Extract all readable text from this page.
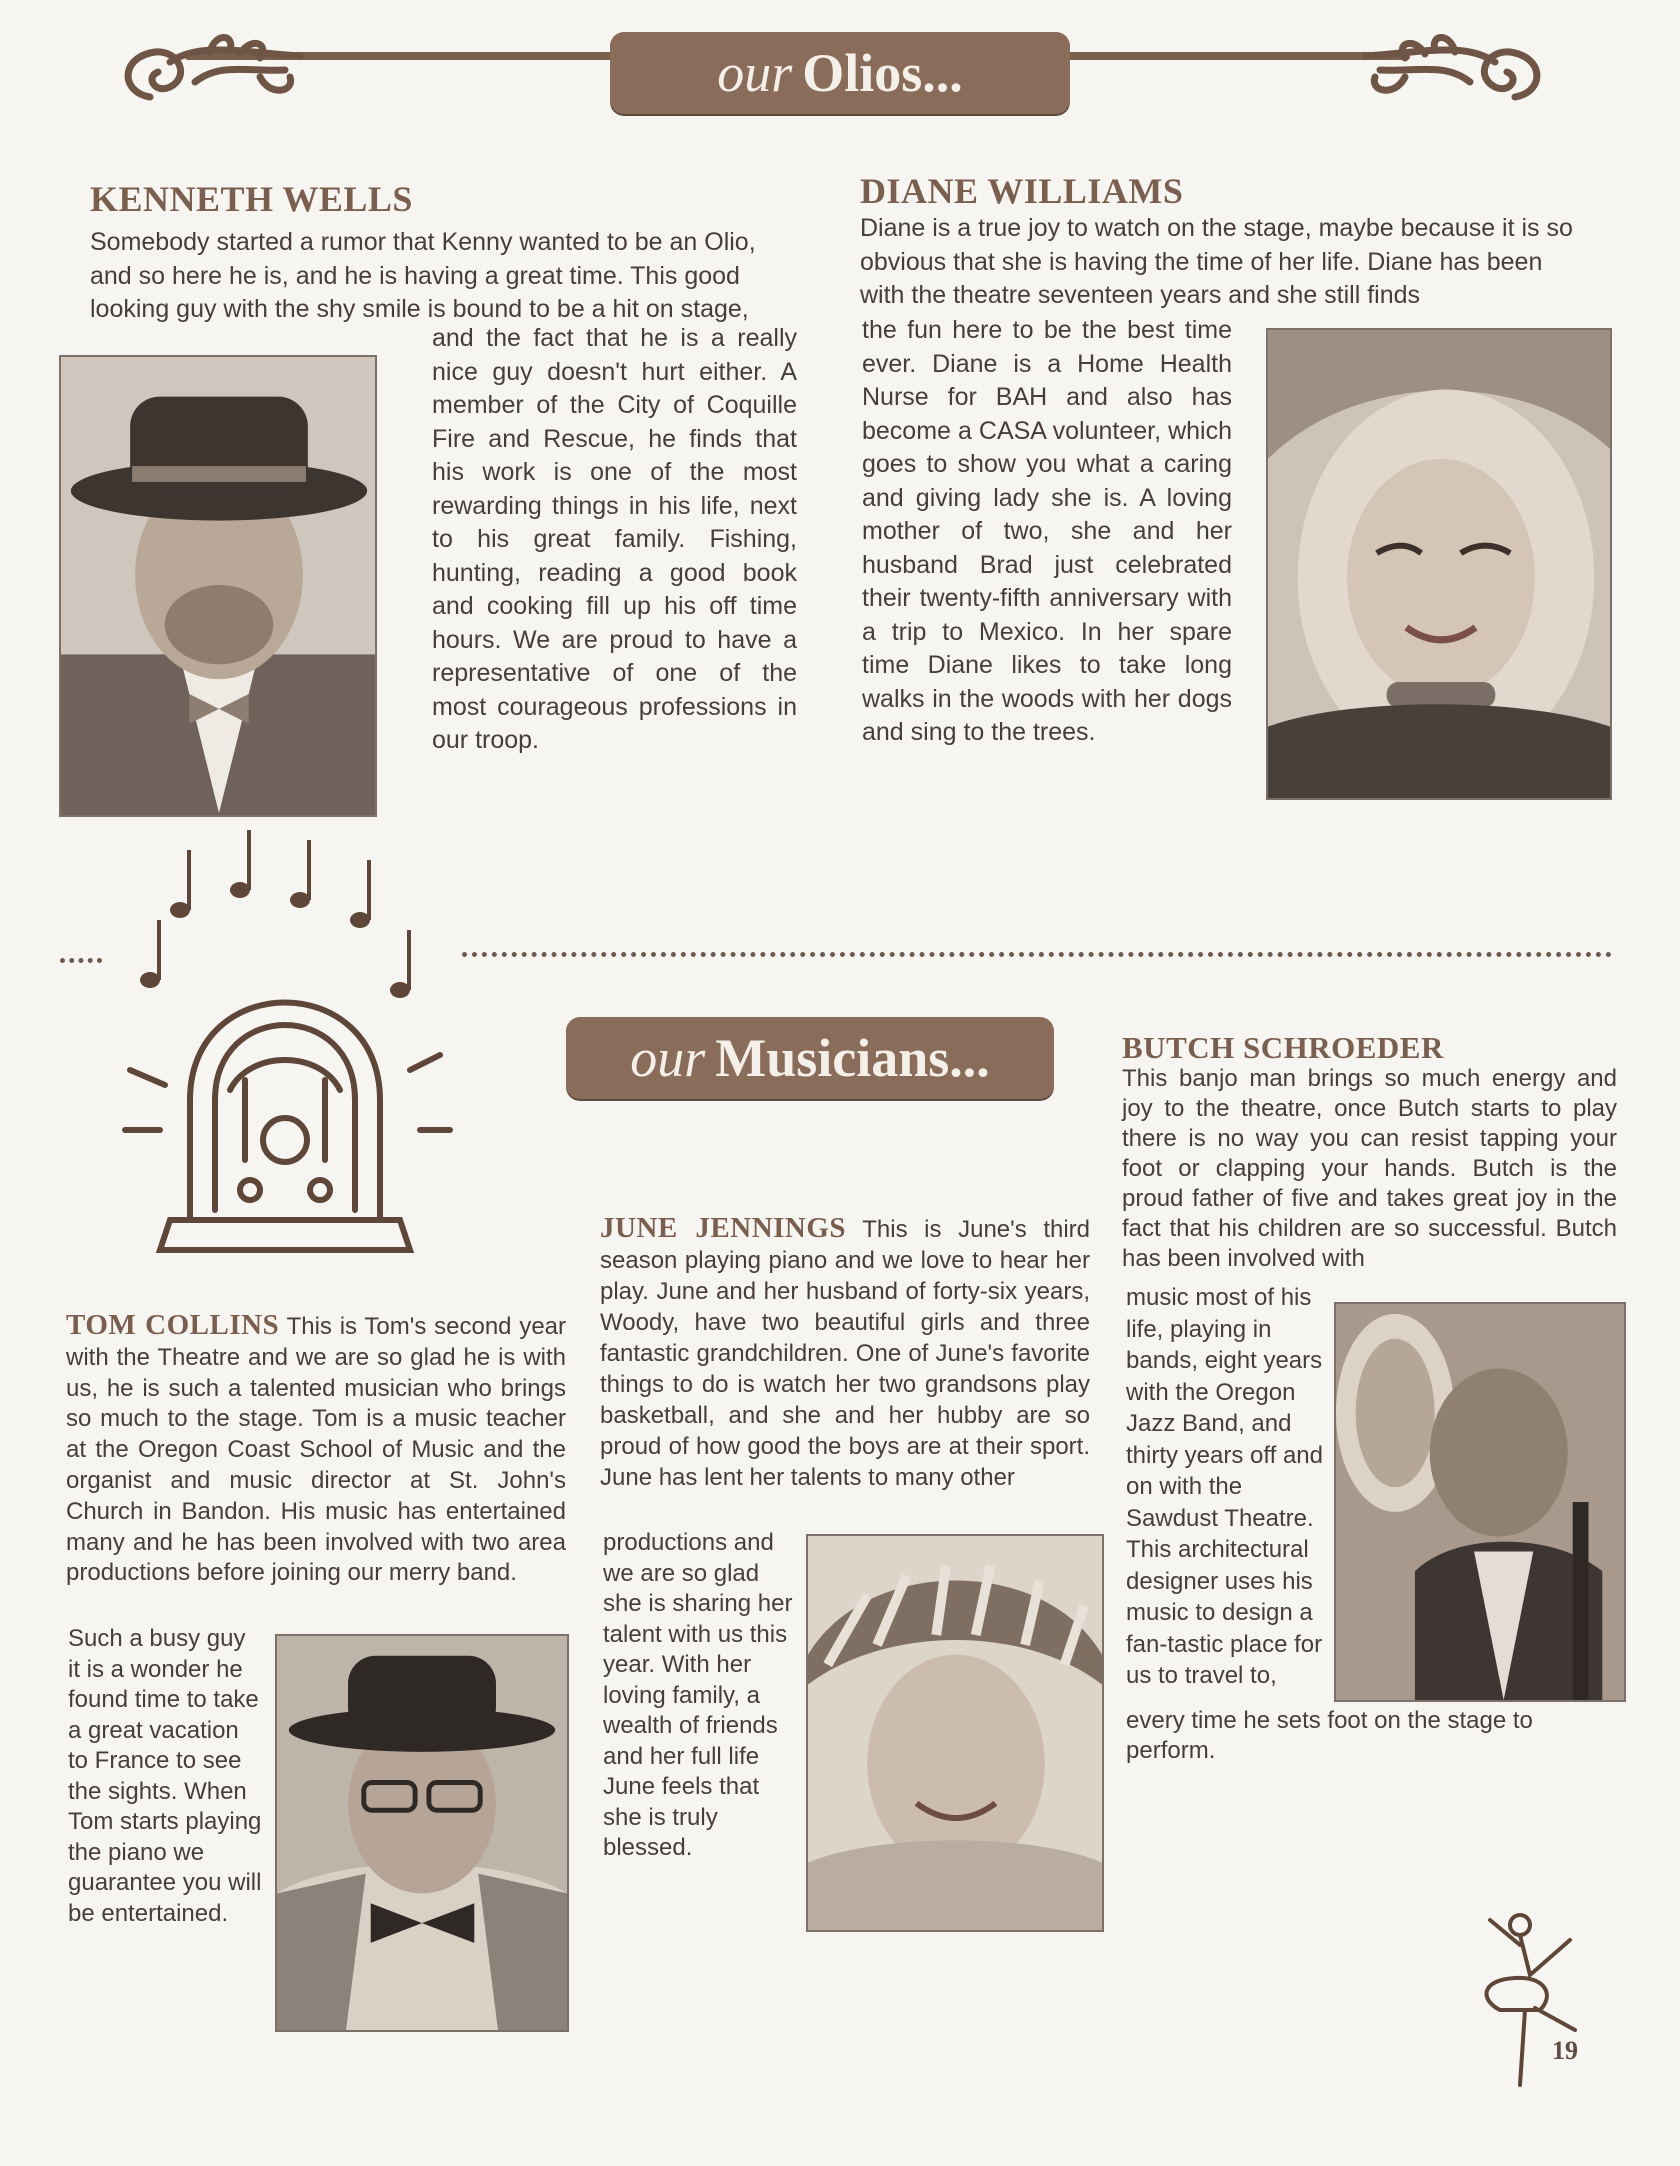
our Olios...
KENNETH WELLS

Somebody started a rumor that Kenny wanted to be an Olio, and so here he is, and he is having a great time. This good looking guy with the shy smile is bound to be a hit on stage,

and the fact that he is a really nice guy doesn't hurt either. A member of the City of Coquille Fire and Rescue, he finds that his work is one of the most rewarding things in his life, next to his great family. Fishing, hunting, reading a good book and cooking fill up his off time hours. We are proud to have a representative of one of the most courageous professions in our troop.

DIANE WILLIAMS

Diane is a true joy to watch on the stage, maybe because it is so obvious that she is having the time of her life. Diane has been with the theatre seventeen years and she still finds

the fun here to be the best time ever. Diane is a Home Health Nurse for BAH and also has become a CASA volunteer, which goes to show you what a caring and giving lady she is. A loving mother of two, she and her husband Brad just celebrated their twenty-fifth anniversary with a trip to Mexico. In her spare time Diane likes to take long walks in the woods with her dogs and sing to the trees.

our Musicians...	BUTCH SCHROEDER

This banjo man brings so much energy and joy to the theatre, once Butch starts to play there is no way you can resist tapping your foot or clapping your hands. Butch is the proud father of five and takes great joy in the fact that his children are so successful. Butch has been involved with

music most of his life, playing in bands, eight years with the Oregon Jazz Band, and thirty years off and on with the Sawdust Theatre. This architectural designer uses his music to design a fan-tastic place for us to travel to,

every time he sets foot on the stage to perform.

JUNE JENNINGS This is June's third season playing piano and we love to hear her play. June and her husband of forty-six years, Woody, have two beautiful girls and three fantastic grandchildren. One of June's favorite things to do is watch her two grandsons play basketball, and she and her hubby are so proud of how good the boys are at their sport. June has lent her talents to many other

productions and we are so glad she is sharing her talent with us this year. With her loving family, a wealth of friends and her full life June feels that she is truly blessed.

TOM COLLINS This is Tom's second year with the Theatre and we are so glad he is with us, he is such a talented musician who brings so much to the stage. Tom is a music teacher at the Oregon Coast School of Music and the organist and music director at St. John's Church in Bandon. His music has entertained many and he has been involved with two area productions before joining our merry band.

Such a busy guy it is a wonder he found time to take a great vacation to France to see the sights. When Tom starts playing the piano we guarantee you will be entertained.

19
